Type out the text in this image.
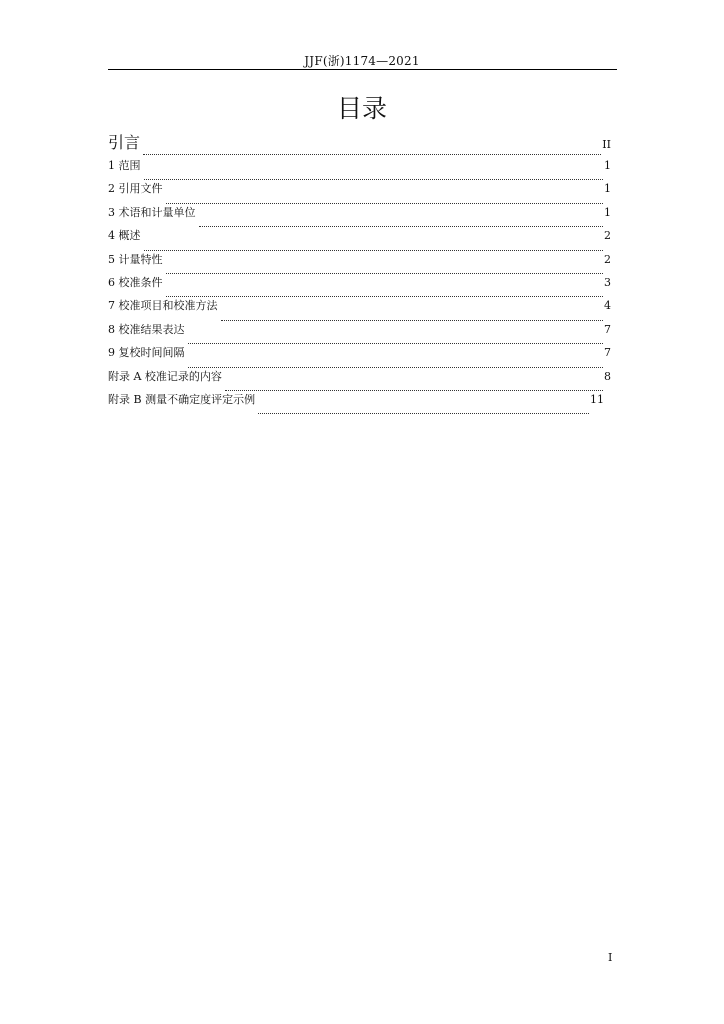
JJF(浙)1174—2021
目录
引言	II
1 范围	1
2 引用文件	1
3 术语和计量单位	1
4 概述	2
5 计量特性	2
6 校准条件	3
7 校准项目和校准方法	4
8 校准结果表达	7
9 复校时间间隔	7
附录 A 校准记录的内容	8
附录 B 测量不确定度评定示例	11
I
